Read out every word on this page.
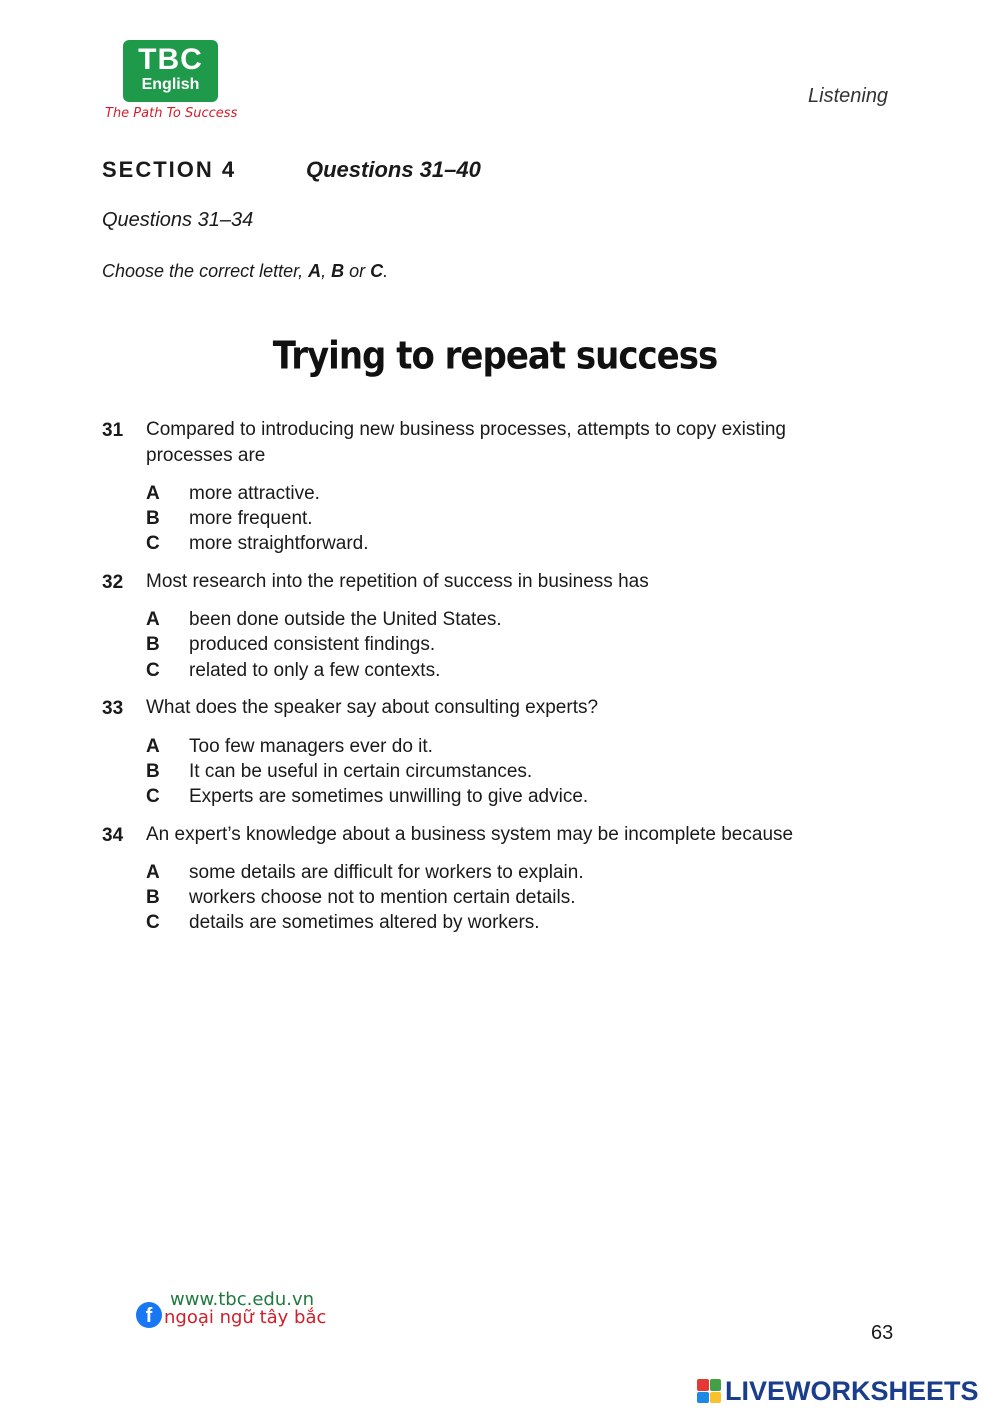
TBC
English
The Path To Success
Listening
SECTION 4	Questions 31–40
Questions 31–34
Choose the correct letter, A, B or C.
Trying to repeat success
31 Compared to introducing new business processes, attempts to copy existing
processes are
A more attractive.
B more frequent.
C more straightforward.
32 Most research into the repetition of success in business has
A been done outside the United States.
B produced consistent findings.
C related to only a few contexts.
33 What does the speaker say about consulting experts?
A Too few managers ever do it.
B It can be useful in certain circumstances.
C Experts are sometimes unwilling to give advice.
34 An expert’s knowledge about a business system may be incomplete because
A some details are difficult for workers to explain.
B workers choose not to mention certain details.
C details are sometimes altered by workers.
www.tbc.edu.vn
f ngoại ngữ tây bắc
63
LIVEWORKSHEETS
